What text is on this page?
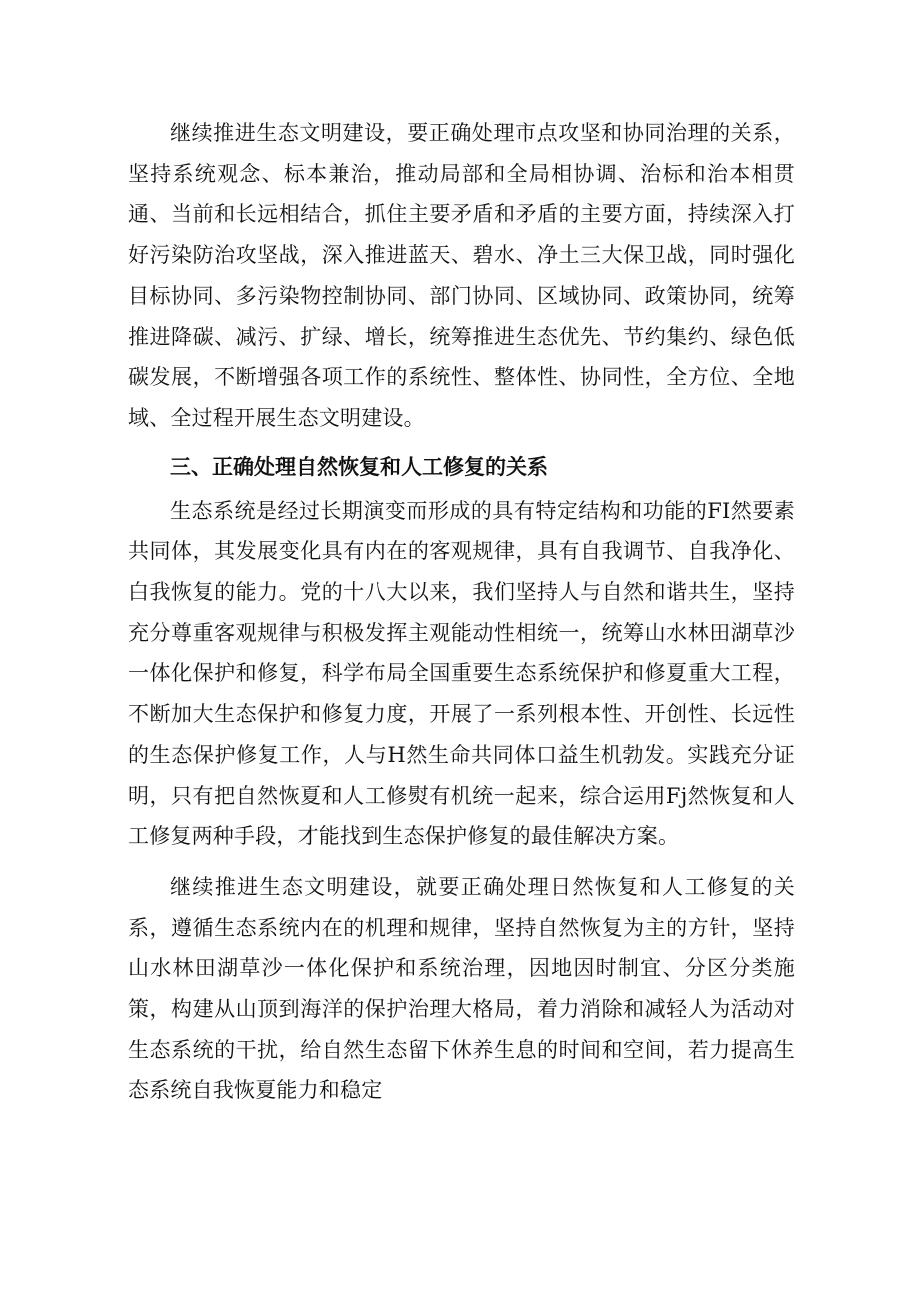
继续推进生态文明建设，要正确处理市点攻坚和协同治理的关系，坚持系统观念、标本兼治，推动局部和全局相协调、治标和治本相贯通、当前和长远相结合，抓住主要矛盾和矛盾的主要方面，持续深入打好污染防治攻坚战，深入推进蓝天、碧水、净土三大保卫战，同时强化目标协同、多污染物控制协同、部门协同、区域协同、政策协同，统筹推进降碳、减污、扩绿、增长，统筹推进生态优先、节约集约、绿色低碳发展，不断增强各项工作的系统性、整体性、协同性，全方位、全地域、全过程开展生态文明建设。

三、正确处理自然恢复和人工修复的关系

生态系统是经过长期演变而形成的具有特定结构和功能的FI然要素共同体，其发展变化具有内在的客观规律，具有自我调节、自我净化、白我恢复的能力。党的十八大以来，我们坚持人与自然和谐共生，坚持充分尊重客观规律与积极发挥主观能动性相统一，统筹山水林田湖草沙一体化保护和修复，科学布局全国重要生态系统保护和修夏重大工程，不断加大生态保护和修复力度，开展了一系列根本性、开创性、长远性的生态保护修复工作，人与H然生命共同体口益生机勃发。实践充分证明，只有把自然恢夏和人工修熨有机统一起来，综合运用Fj然恢复和人工修复两种手段，才能找到生态保护修复的最佳解决方案。

继续推进生态文明建设，就要正确处理日然恢复和人工修复的关系，遵循生态系统内在的机理和规律，坚持自然恢复为主的方针，坚持山水林田湖草沙一体化保护和系统治理，因地因时制宜、分区分类施策，构建从山顶到海洋的保护治理大格局，着力消除和减轻人为活动对生态系统的干扰，给自然生态留下休养生息的时间和空间，若力提高生态系统自我恢夏能力和稳定
